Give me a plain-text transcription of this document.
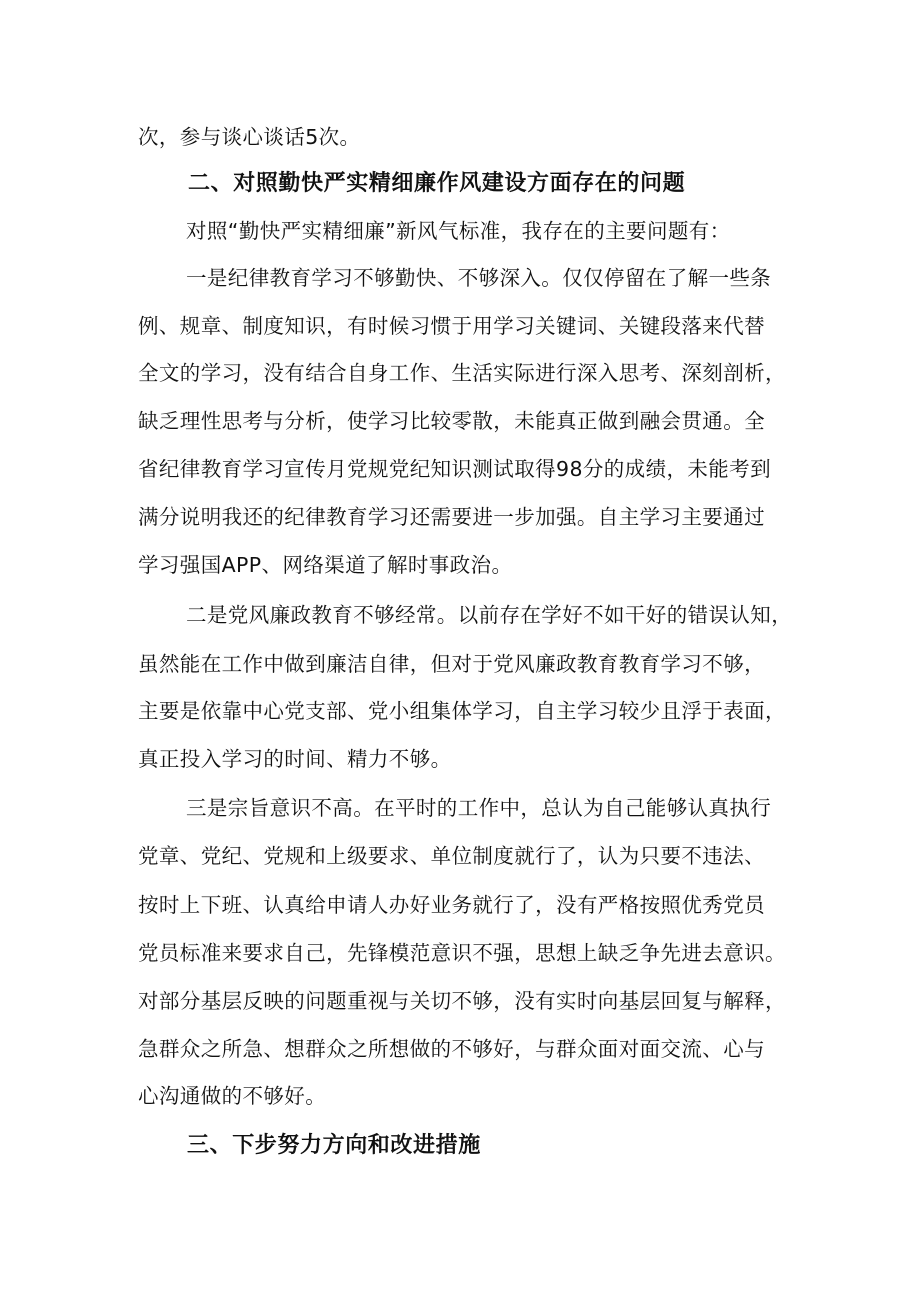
次，参与谈心谈话5次。
二、对照勤快严实精细廉作风建设方面存在的问题
对照“勤快严实精细廉”新风气标准，我存在的主要问题有：
一是纪律教育学习不够勤快、不够深入。仅仅停留在了解一些条
例、规章、制度知识，有时候习惯于用学习关键词、关键段落来代替
全文的学习，没有结合自身工作、生活实际进行深入思考、深刻剖析，
缺乏理性思考与分析，使学习比较零散，未能真正做到融会贯通。全
省纪律教育学习宣传月党规党纪知识测试取得98分的成绩，未能考到
满分说明我还的纪律教育学习还需要进一步加强。自主学习主要通过
学习强国APP、网络渠道了解时事政治。
二是党风廉政教育不够经常。以前存在学好不如干好的错误认知，
虽然能在工作中做到廉洁自律，但对于党风廉政教育教育学习不够，
主要是依靠中心党支部、党小组集体学习，自主学习较少且浮于表面，
真正投入学习的时间、精力不够。
三是宗旨意识不高。在平时的工作中，总认为自己能够认真执行
党章、党纪、党规和上级要求、单位制度就行了，认为只要不违法、
按时上下班、认真给申请人办好业务就行了，没有严格按照优秀党员
党员标准来要求自己，先锋模范意识不强，思想上缺乏争先进去意识。
对部分基层反映的问题重视与关切不够，没有实时向基层回复与解释，
急群众之所急、想群众之所想做的不够好，与群众面对面交流、心与
心沟通做的不够好。
三、下步努力方向和改进措施
